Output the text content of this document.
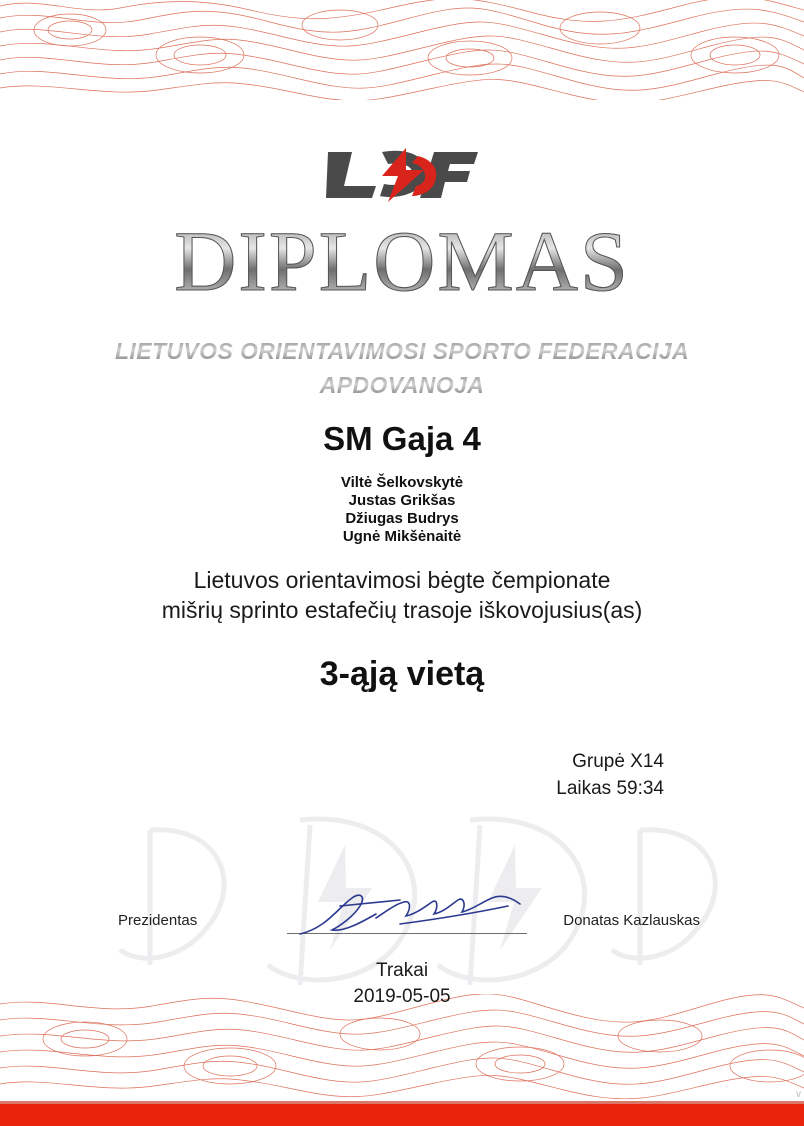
DIPLOMAS
LIETUVOS ORIENTAVIMOSI SPORTO FEDERACIJA
APDOVANOJA
SM Gaja 4
Viltė Šelkovskytė
Justas Grikšas
Džiugas Budrys
Ugnė Mikšėnaitė
Lietuvos orientavimosi bėgte čempionate
mišrių sprinto estafečių trasoje iškovojusius(as)
3-ąją vietą
Grupė X14
Laikas 59:34
Prezidentas	Donatas Kazlauskas
Trakai
2019-05-05
v
